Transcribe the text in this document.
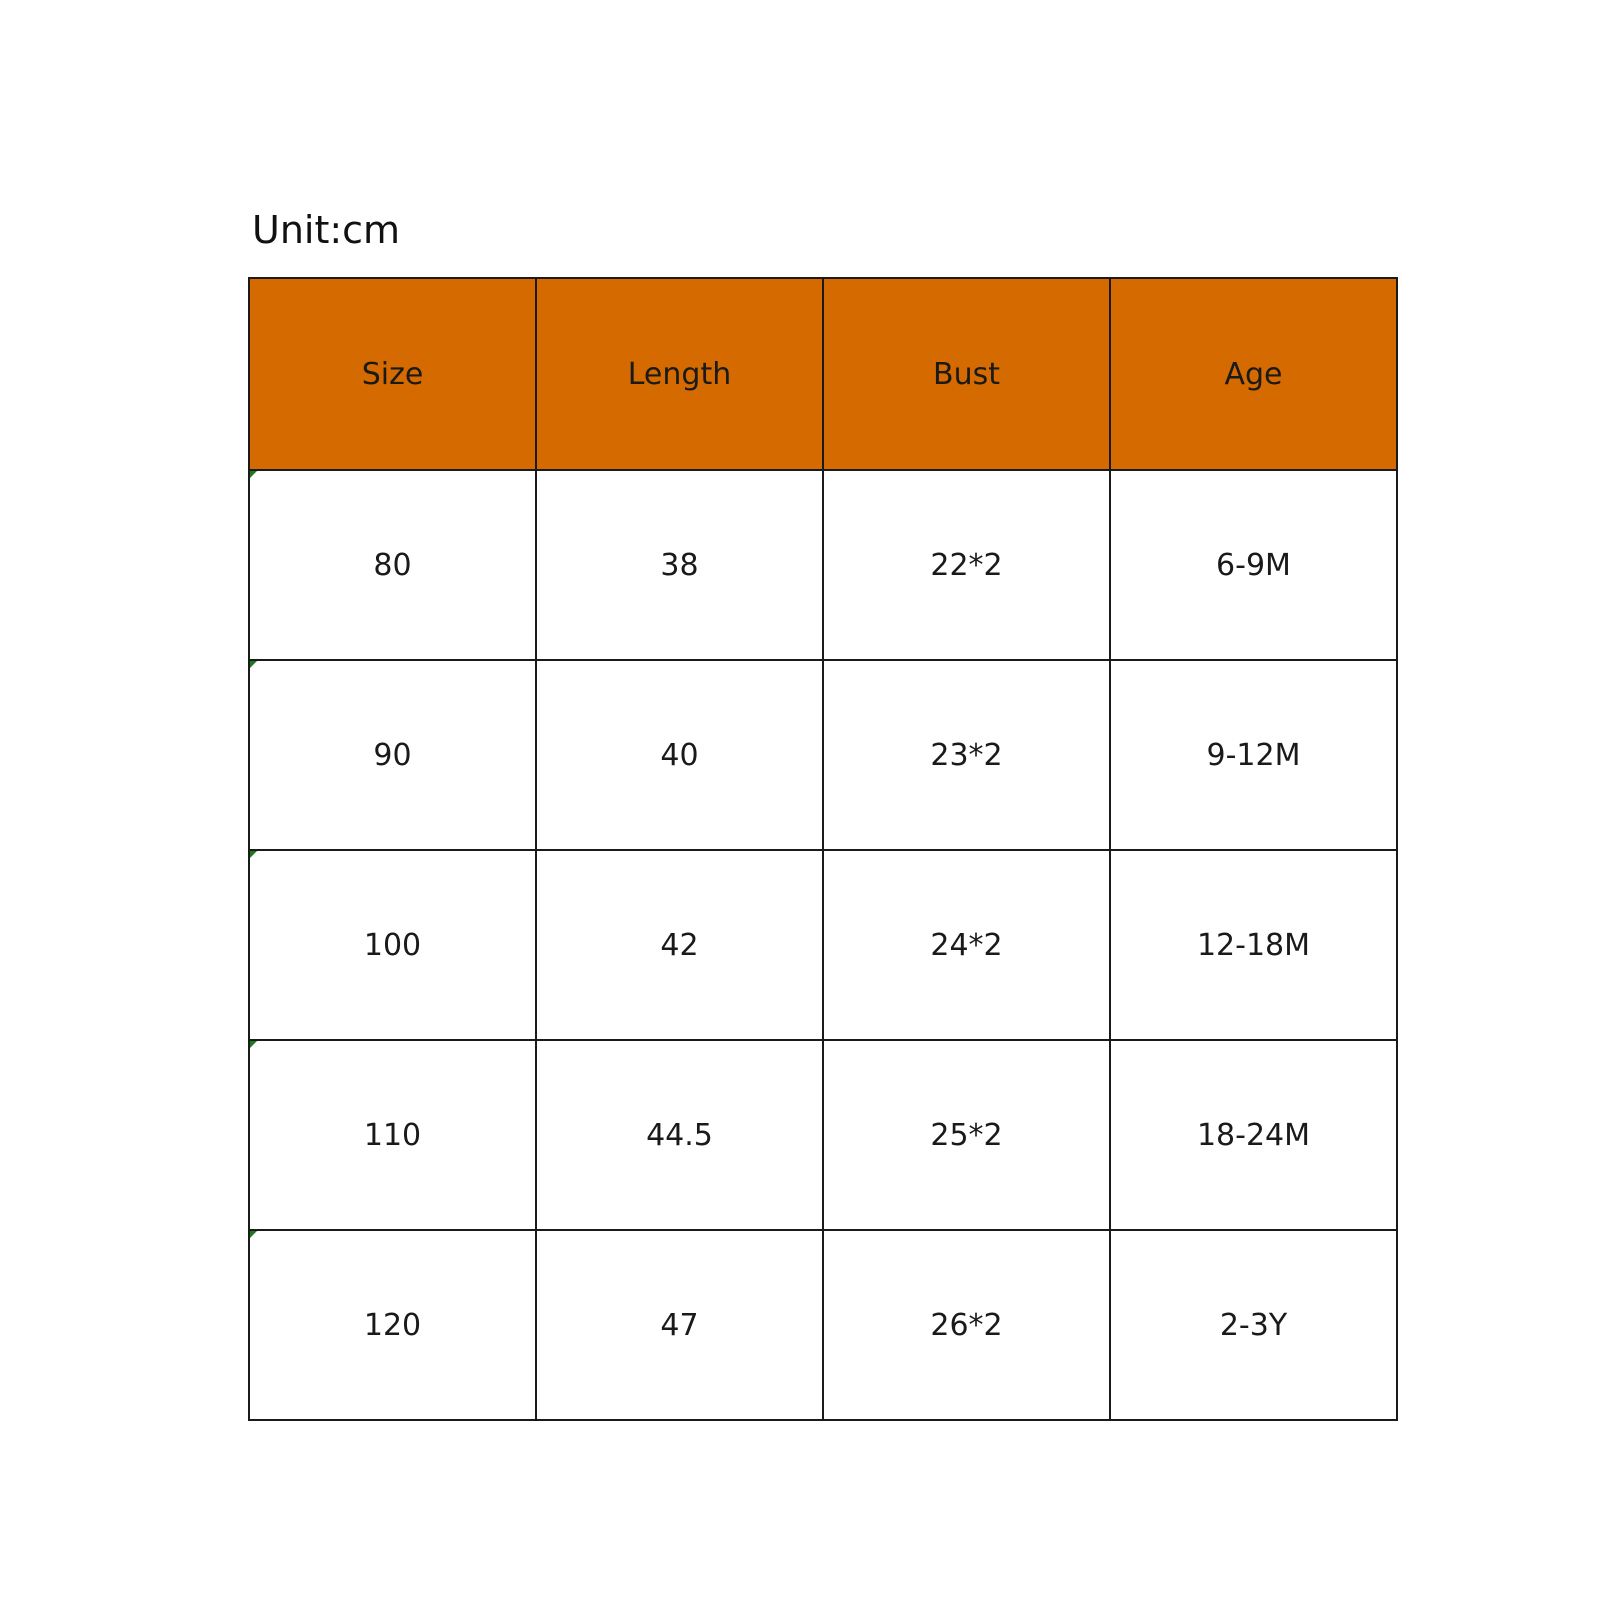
Unit:cm
Size	Length	Bust	Age

80	38	22*2	6-9M

90	40	23*2	9-12M

100	42	24*2	12-18M

110	44.5	25*2	18-24M

120	47	26*2	2-3Y
